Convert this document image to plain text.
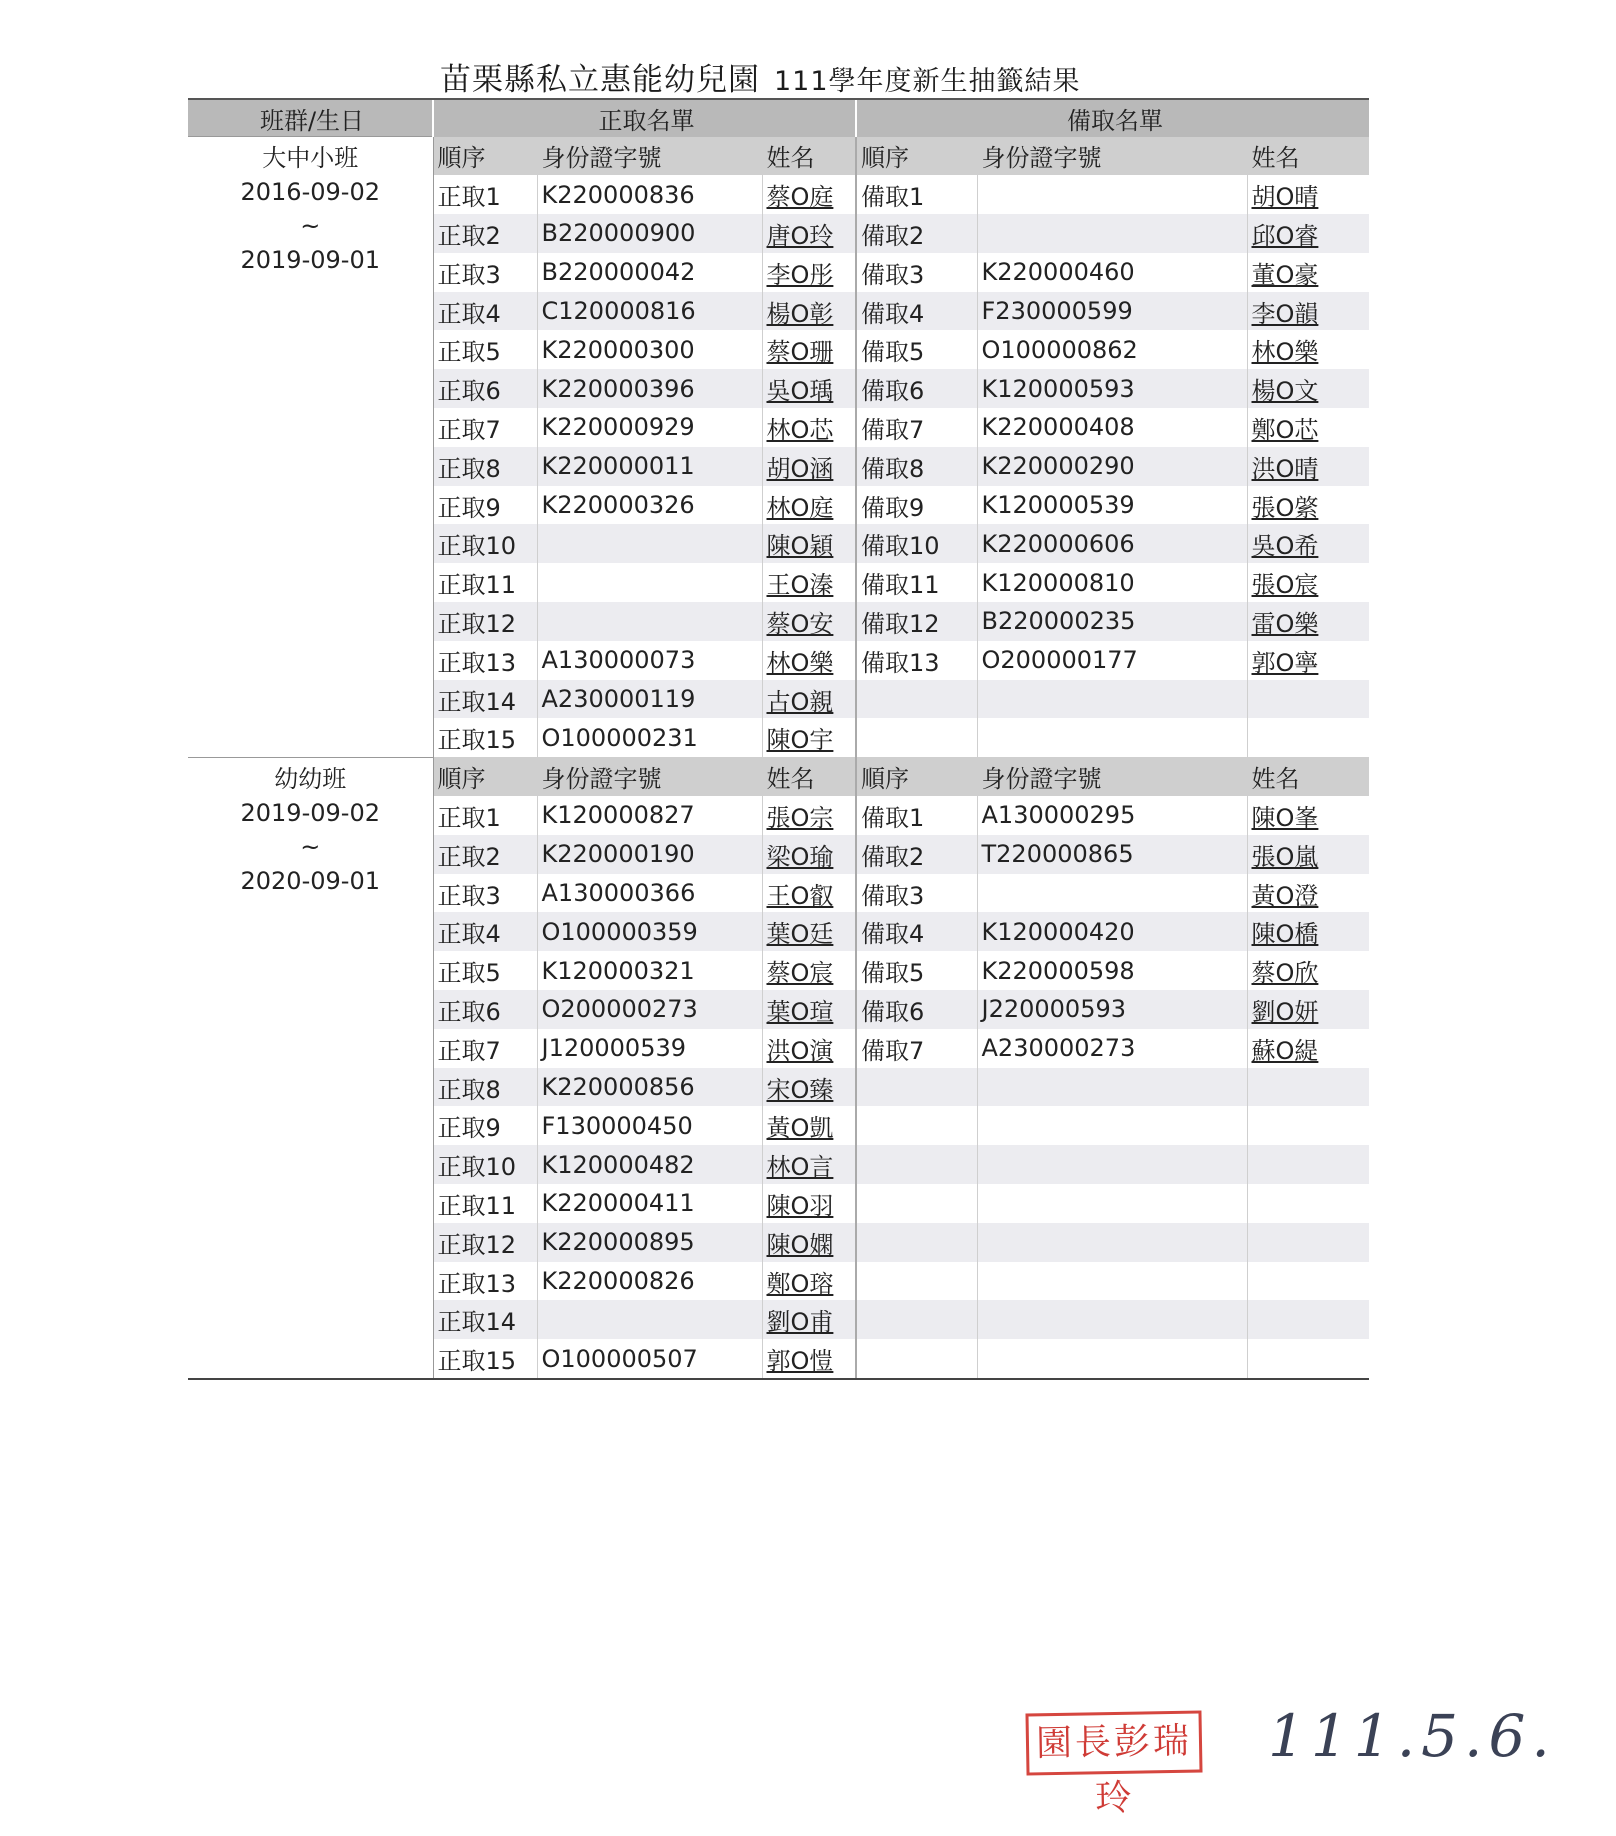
苗栗縣私立惠能幼兒園 111學年度新生抽籤結果
班群/生日	正取名單			備取名單		

大中小班
2016-09-02
~
2019-09-01	順序	身份證字號	姓名	順序	身份證字號	姓名
	正取1	K220000836	蔡O庭	備取1		胡O晴
	正取2	B220000900	唐O玲	備取2		邱O睿
	正取3	B220000042	李O彤	備取3	K220000460	董O豪
	正取4	C120000816	楊O彰	備取4	F230000599	李O韻
	正取5	K220000300	蔡O珊	備取5	O100000862	林O樂
	正取6	K220000396	吳O瑀	備取6	K120000593	楊O文
	正取7	K220000929	林O芯	備取7	K220000408	鄭O芯
	正取8	K220000011	胡O涵	備取8	K220000290	洪O晴
	正取9	K220000326	林O庭	備取9	K120000539	張O綮
	正取10		陳O穎	備取10	K220000606	吳O希
	正取11		王O溱	備取11	K120000810	張O宸
	正取12		蔡O安	備取12	B220000235	雷O樂
	正取13	A130000073	林O樂	備取13	O200000177	郭O寧
	正取14	A230000119	古O親			
	正取15	O100000231	陳O宇			

幼幼班
2019-09-02
~
2020-09-01	順序	身份證字號	姓名	順序	身份證字號	姓名
	正取1	K120000827	張O宗	備取1	A130000295	陳O峯
	正取2	K220000190	梁O瑜	備取2	T220000865	張O嵐
	正取3	A130000366	王O叡	備取3		黃O澄
	正取4	O100000359	葉O廷	備取4	K120000420	陳O橋
	正取5	K120000321	蔡O宸	備取5	K220000598	蔡O欣
	正取6	O200000273	葉O瑄	備取6	J220000593	劉O妍
	正取7	J120000539	洪O演	備取7	A230000273	蘇O緹
	正取8	K220000856	宋O臻			
	正取9	F130000450	黃O凱			
	正取10	K120000482	林O言			
	正取11	K220000411	陳O羽			
	正取12	K220000895	陳O嫻			
	正取13	K220000826	鄭O瑢			
	正取14		劉O甫			
	正取15	O100000507	郭O愷			
園長彭瑞玲
111.5.6.
